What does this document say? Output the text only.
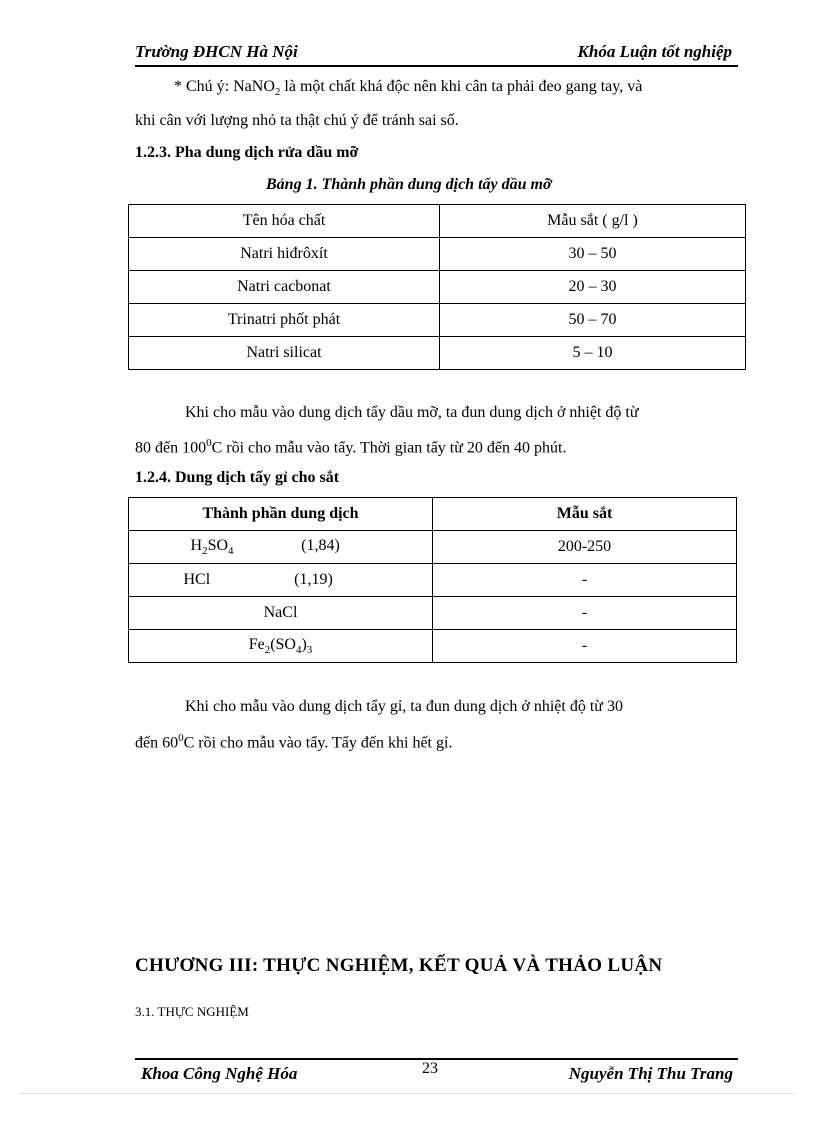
Trường ĐHCN Hà Nội	Khóa Luận tốt nghiệp
* Chú ý: NaNO$_2$ là một chất khá độc nên khi cân ta phải đeo gang tay, và
khi cân với lượng nhỏ ta thật chú ý để tránh sai số.
1.2.3. Pha dung dịch rửa dầu mỡ
Bảng 1. Thành phần dung dịch tẩy dầu mỡ
Tên hóa chất	Mẫu sắt ( g/l )
Natri hiđrôxít	30 – 50
Natri cacbonat	20 – 30
Trinatri phốt phát	50 – 70
Natri silicat	5 – 10
Khi cho mẫu vào dung dịch tẩy dầu mỡ, ta đun dung dịch ở nhiệt độ từ
80 đến $100^0C$ rồi cho mẫu vào tẩy. Thời gian tẩy từ 20 đến 40 phút.
1.2.4. Dung dịch tẩy gỉ cho sắt
Thành phần dung dịch	Mẫu sắt
$H_2SO_4$ (1,84)	200-250
HCl (1,19)	-
NaCl	-
$Fe_2(SO_4)_3$	-
Khi cho mẫu vào dung dịch tẩy gỉ, ta đun dung dịch ở nhiệt độ từ 30
đến $60^0C$ rồi cho mẫu vào tẩy. Tẩy đến khi hết gỉ.
CHƯƠNG III: THỰC NGHIỆM, KẾT QUẢ VÀ THẢO LUẬN
3.1. THỰC NGHIỆM
Khoa Công Nghệ Hóa	23	Nguyễn Thị Thu Trang
